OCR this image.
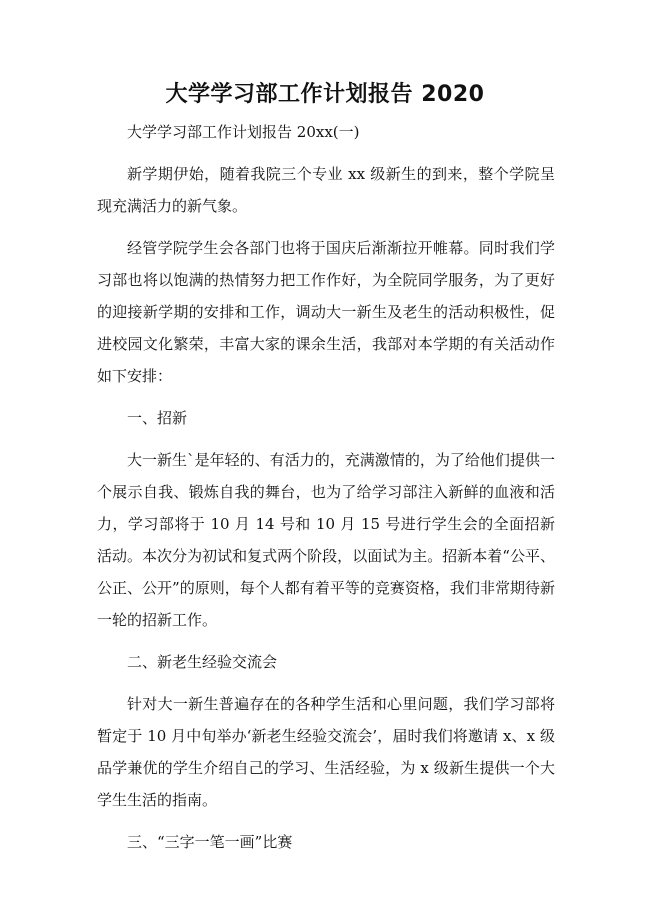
大学学习部工作计划报告 2020

大学学习部工作计划报告 20xx(一)

新学期伊始，随着我院三个专业 xx 级新生的到来，整个学院呈现充满活力的新气象。

经管学院学生会各部门也将于国庆后渐渐拉开帷幕。同时我们学习部也将以饱满的热情努力把工作作好，为全院同学服务，为了更好的迎接新学期的安排和工作，调动大一新生及老生的活动积极性，促进校园文化繁荣，丰富大家的课余生活，我部对本学期的有关活动作如下安排：

一、招新

大一新生`是年轻的、有活力的，充满激情的，为了给他们提供一个展示自我、锻炼自我的舞台，也为了给学习部注入新鲜的血液和活力，学习部将于 10 月 14 号和 10 月 15 号进行学生会的全面招新活动。本次分为初试和复式两个阶段，以面试为主。招新本着“公平、公正、公开”的原则，每个人都有着平等的竞赛资格，我们非常期待新一轮的招新工作。

二、新老生经验交流会

针对大一新生普遍存在的各种学生活和心里问题，我们学习部将暂定于 10 月中旬举办‘新老生经验交流会’，届时我们将邀请 x、x 级品学兼优的学生介绍自己的学习、生活经验，为 x 级新生提供一个大学生生活的指南。

三、“三字一笔一画”比赛
